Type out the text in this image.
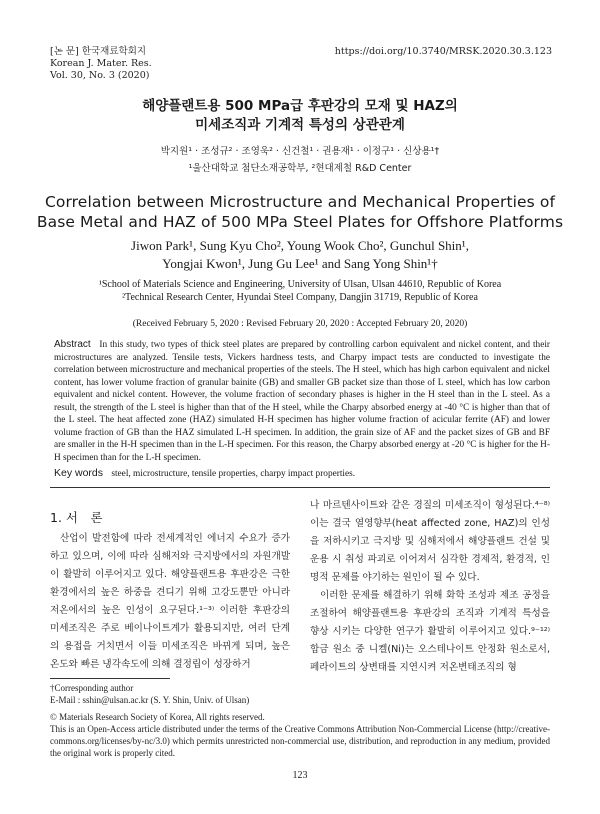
[논 문] 한국재료학회지
Korean J. Mater. Res.
Vol. 30, No. 3 (2020)
https://doi.org/10.3740/MRSK.2020.30.3.123
해양플랜트용 500 MPa급 후판강의 모재 및 HAZ의
미세조직과 기계적 특성의 상관관계
박지원¹ · 조성규² · 조영욱² · 신건철¹ · 권용재¹ · 이정구¹ · 신상용¹†
¹울산대학교 첨단소재공학부, ²현대제철 R&D Center
Correlation between Microstructure and Mechanical Properties of
Base Metal and HAZ of 500 MPa Steel Plates for Offshore Platforms
Jiwon Park¹, Sung Kyu Cho², Young Wook Cho², Gunchul Shin¹,
Yongjai Kwon¹, Jung Gu Lee¹ and Sang Yong Shin¹†
¹School of Materials Science and Engineering, University of Ulsan, Ulsan 44610, Republic of Korea
²Technical Research Center, Hyundai Steel Company, Dangjin 31719, Republic of Korea
(Received February 5, 2020 : Revised February 20, 2020 : Accepted February 20, 2020)
Abstract In this study, two types of thick steel plates are prepared by controlling carbon equivalent and nickel content, and their microstructures are analyzed. Tensile tests, Vickers hardness tests, and Charpy impact tests are conducted to investigate the correlation between microstructure and mechanical properties of the steels. The H steel, which has high carbon equivalent and nickel content, has lower volume fraction of granular bainite (GB) and smaller GB packet size than those of L steel, which has low carbon equivalent and nickel content. However, the volume fraction of secondary phases is higher in the H steel than in the L steel. As a result, the strength of the L steel is higher than that of the H steel, while the Charpy absorbed energy at -40 °C is higher than that of the L steel. The heat affected zone (HAZ) simulated H-H specimen has higher volume fraction of acicular ferrite (AF) and lower volume fraction of GB than the HAZ simulated L-H specimen. In addition, the grain size of AF and the packet sizes of GB and BF are smaller in the H-H specimen than in the L-H specimen. For this reason, the Charpy absorbed energy at -20 °C is higher for the H-H specimen than for the L-H specimen.
Key words steel, microstructure, tensile properties, charpy impact properties.
1. 서　론

산업이 발전함에 따라 전세계적인 에너지 수요가 증가하고 있으며, 이에 따라 심해저와 극지방에서의 자원개발이 활발히 이루어지고 있다. 해양플랜트용 후판강은 극한 환경에서의 높은 하중을 견디기 위해 고강도뿐만 아니라 저온에서의 높은 인성이 요구된다.¹⁻³⁾ 이러한 후판강의 미세조직은 주로 베이나이트계가 활용되지만, 여러 단계의 용접을 거치면서 이들 미세조직은 바뀌게 되며, 높은 온도와 빠른 냉각속도에 의해 결정립이 성장하거

나 마르텐사이트와 같은 경질의 미세조직이 형성된다.⁴⁻⁸⁾ 이는 결국 열영향부(heat affected zone, HAZ)의 인성을 저하시키고 극지방 및 심해저에서 해양플랜트 건설 및 운용 시 취성 파괴로 이어져서 심각한 경제적, 환경적, 인명적 문제를 야기하는 원인이 될 수 있다.

이러한 문제를 해결하기 위해 화학 조성과 제조 공정을 조절하여 해양플랜트용 후판강의 조직과 기계적 특성을 향상 시키는 다양한 연구가 활발히 이루어지고 있다.⁹⁻¹²⁾ 합금 원소 중 니켈(Ni)는 오스테나이트 안정화 원소로서, 페라이트의 상변태를 지연시켜 저온변태조직의 형

†Corresponding author
E-Mail : sshin@ulsan.ac.kr (S. Y. Shin, Univ. of Ulsan)
© Materials Research Society of Korea, All rights reserved.
This is an Open-Access article distributed under the terms of the Creative Commons Attribution Non-Commercial License (http://creative-commons.org/licenses/by-nc/3.0) which permits unrestricted non-commercial use, distribution, and reproduction in any medium, provided the original work is properly cited.
123
